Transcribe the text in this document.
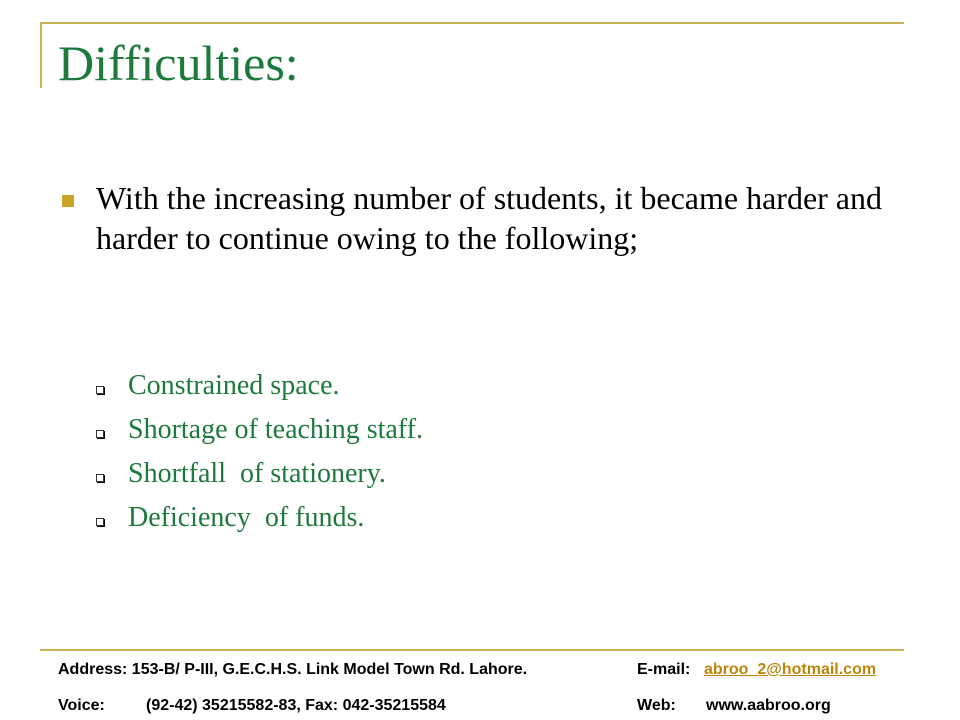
Difficulties:
With the increasing number of students, it became harder and harder to continue owing to the following;
Constrained space.
Shortage of teaching staff.
Shortfall  of stationery.
Deficiency  of funds.
Address: 153-B/ P-III, G.E.C.H.S. Link Model Town Rd. Lahore.	E-mail: abroo_2@hotmail.com
Voice:	(92-42) 35215582-83, Fax: 042-35215584	Web: www.aabroo.org
